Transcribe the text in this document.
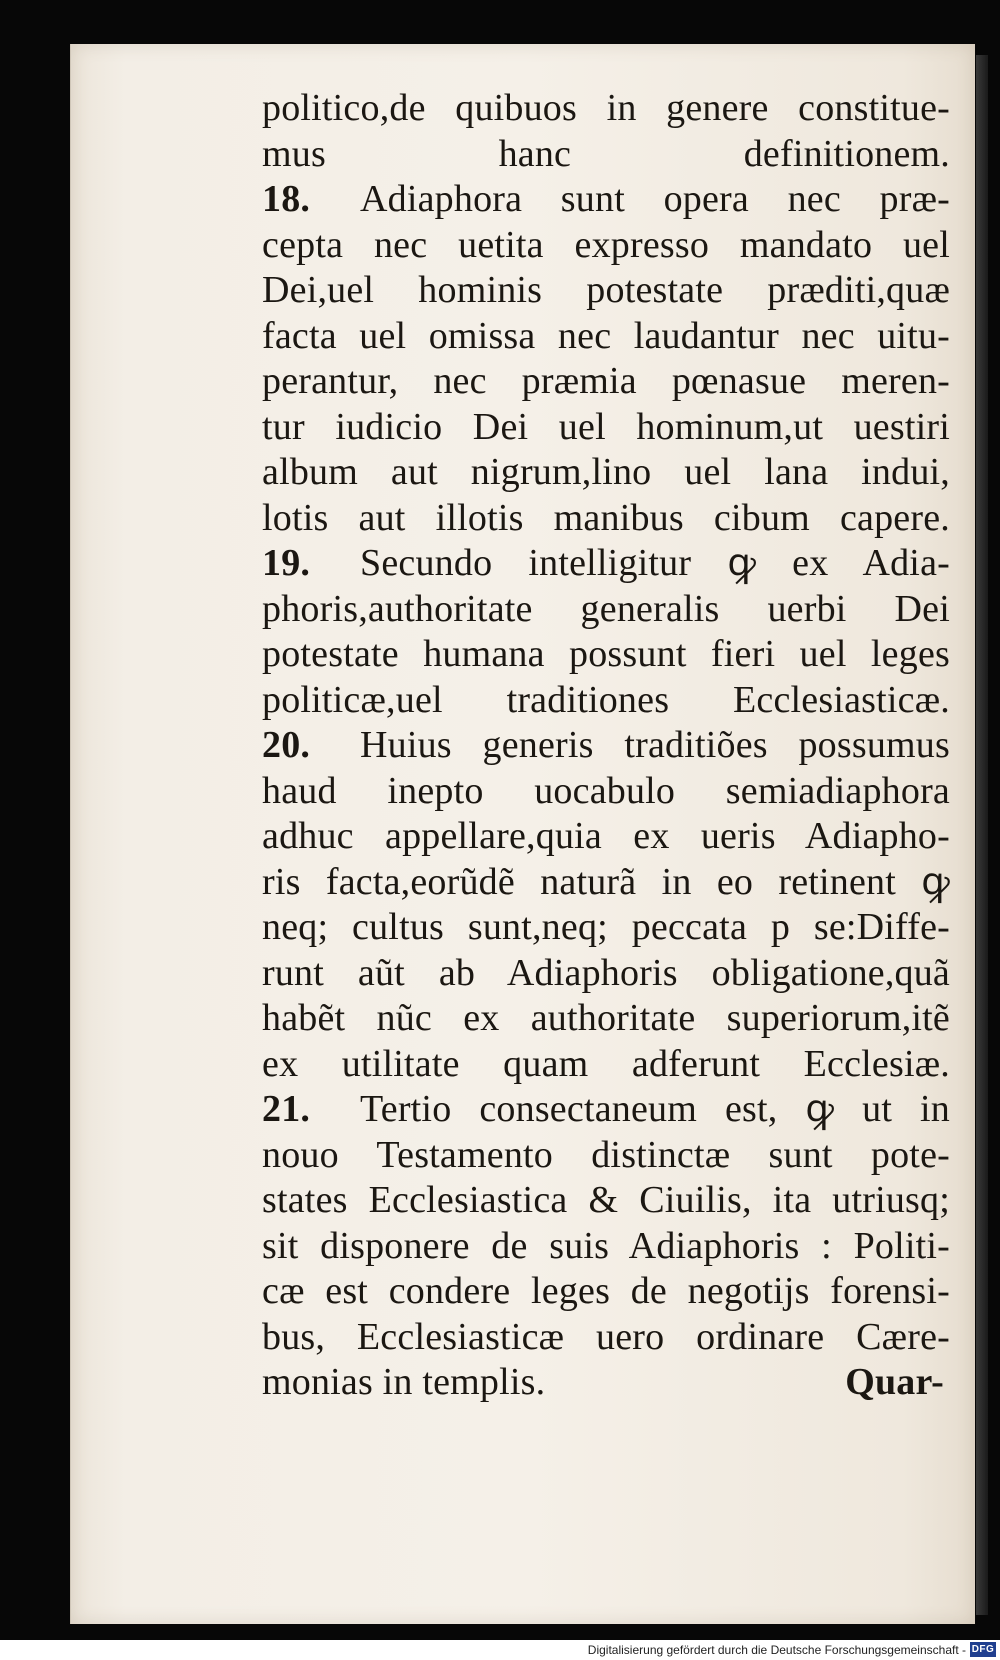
politico,de quibuos in genere constitue-
mus hanc definitionem.
18. Adiaphora sunt opera nec præ-
cepta nec uetita expresso mandato uel
Dei,uel hominis potestate præditi,quæ
facta uel omissa nec laudantur nec uitu-
perantur, nec præmia pœnasue meren-
tur iudicio Dei uel hominum,ut uestiri
album aut nigrum,lino uel lana indui,
lotis aut illotis manibus cibum capere.
19. Secundo intelligitur ꝙ ex Adia-
phoris,authoritate generalis uerbi Dei
potestate humana possunt fieri uel leges
politicæ,uel traditiones Ecclesiasticæ.
20. Huius generis traditiões possumus
haud inepto uocabulo semiadiaphora
adhuc appellare,quia ex ueris Adiapho-
ris facta,eorũdẽ naturã in eo retinent ꝙ
neq; cultus sunt,neq; peccata p se:Diffe-
runt aũt ab Adiaphoris obligatione,quã
habẽt nũc ex authoritate superiorum,itẽ
ex utilitate quam adferunt Ecclesiæ.
21. Tertio consectaneum est, ꝙ ut in
nouo Testamento distinctæ sunt pote-
states Ecclesiastica & Ciuilis, ita utriusq;
sit disponere de suis Adiaphoris : Politi-
cæ est condere leges de negotijs forensi-
bus, Ecclesiasticæ uero ordinare Cære-
monias in templis.	Quar-
Digitalisierung gefördert durch die Deutsche Forschungsgemeinschaft - DFG
